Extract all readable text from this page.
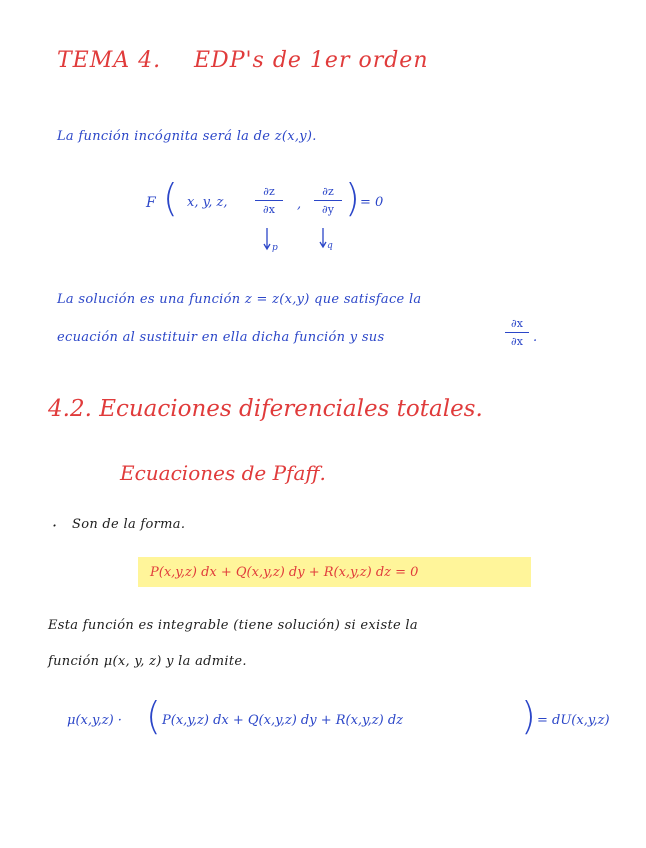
TEMA 4. EDP's de 1er orden
La función incógnita será la de z(x,y).
F ( x, y, z,
∂z
∂x	,
∂z
∂y ) = 0
p	q
La solución es una función z = z(x,y) que satisface la
ecuación al sustituir en ella dicha función y sus
∂x
∂x .
4.2. Ecuaciones diferenciales totales.
Ecuaciones de Pfaff.
· Son de la forma.
P(x,y,z) dx + Q(x,y,z) dy + R(x,y,z) dz = 0
Esta función es integrable (tiene solución) si existe la
función μ(x, y, z) y la admite.
μ(x,y,z) · ( P(x,y,z) dx + Q(x,y,z) dy + R(x,y,z) dz	) = dU(x,y,z)
